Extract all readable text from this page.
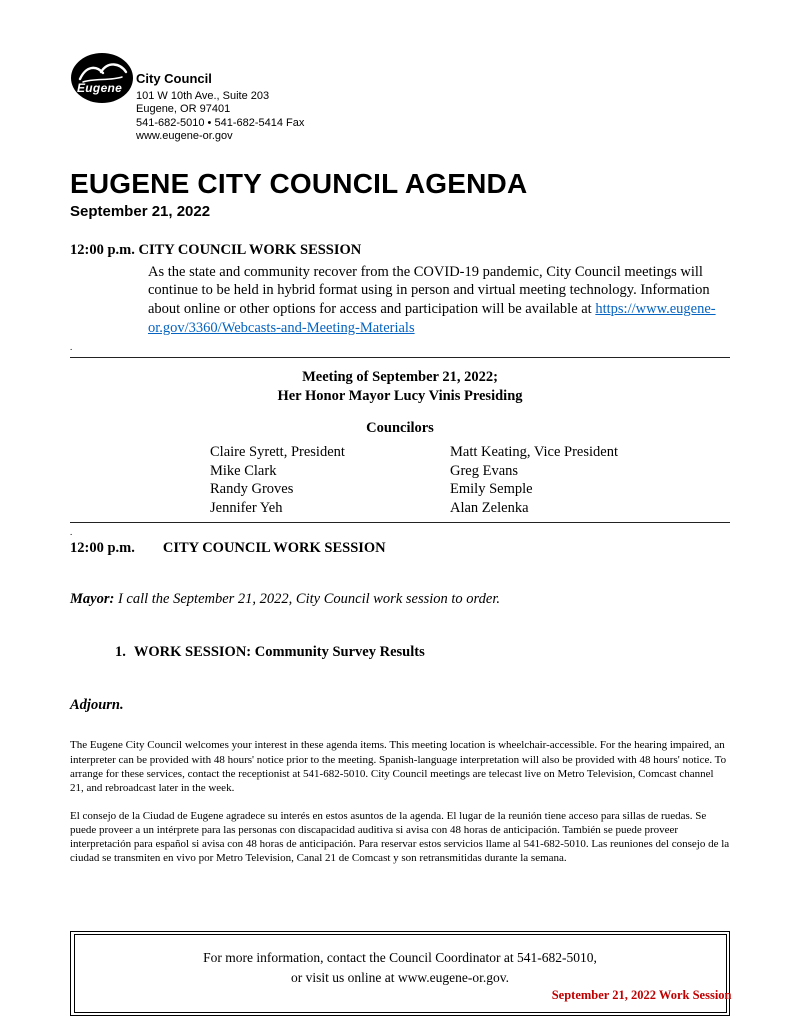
Eugene
City Council
101 W 10th Ave., Suite 203
Eugene, OR 97401
541-682-5010 • 541-682-5414 Fax
www.eugene-or.gov
EUGENE CITY COUNCIL AGENDA
September 21, 2022
12:00 p.m. CITY COUNCIL WORK SESSION
As the state and community recover from the COVID-19 pandemic, City Council meetings will continue to be held in hybrid format using in person and virtual meeting technology. Information about online or other options for access and participation will be available at https://www.eugene-or.gov/3360/Webcasts-and-Meeting-Materials
.
Meeting of September 21, 2022;
Her Honor Mayor Lucy Vinis Presiding
Councilors
Claire Syrett, President	Matt Keating, Vice President
Mike Clark	Greg Evans
Randy Groves	Emily Semple
Jennifer Yeh	Alan Zelenka
.
12:00 p.m. CITY COUNCIL WORK SESSION
Mayor: I call the September 21, 2022, City Council work session to order.
1. WORK SESSION: Community Survey Results
Adjourn.
The Eugene City Council welcomes your interest in these agenda items. This meeting location is wheelchair-accessible. For the hearing impaired, an interpreter can be provided with 48 hours' notice prior to the meeting. Spanish-language interpretation will also be provided with 48 hours' notice. To arrange for these services, contact the receptionist at 541-682-5010. City Council meetings are telecast live on Metro Television, Comcast channel 21, and rebroadcast later in the week.
El consejo de la Ciudad de Eugene agradece su interés en estos asuntos de la agenda. El lugar de la reunión tiene acceso para sillas de ruedas. Se puede proveer a un intérprete para las personas con discapacidad auditiva si avisa con 48 horas de anticipación. También se puede proveer interpretación para español si avisa con 48 horas de anticipación. Para reservar estos servicios llame al 541-682-5010. Las reuniones del consejo de la ciudad se transmiten en vivo por Metro Television, Canal 21 de Comcast y son retransmitidas durante la semana.
For more information, contact the Council Coordinator at 541-682-5010,
or visit us online at www.eugene-or.gov.
September 21, 2022 Work Session
